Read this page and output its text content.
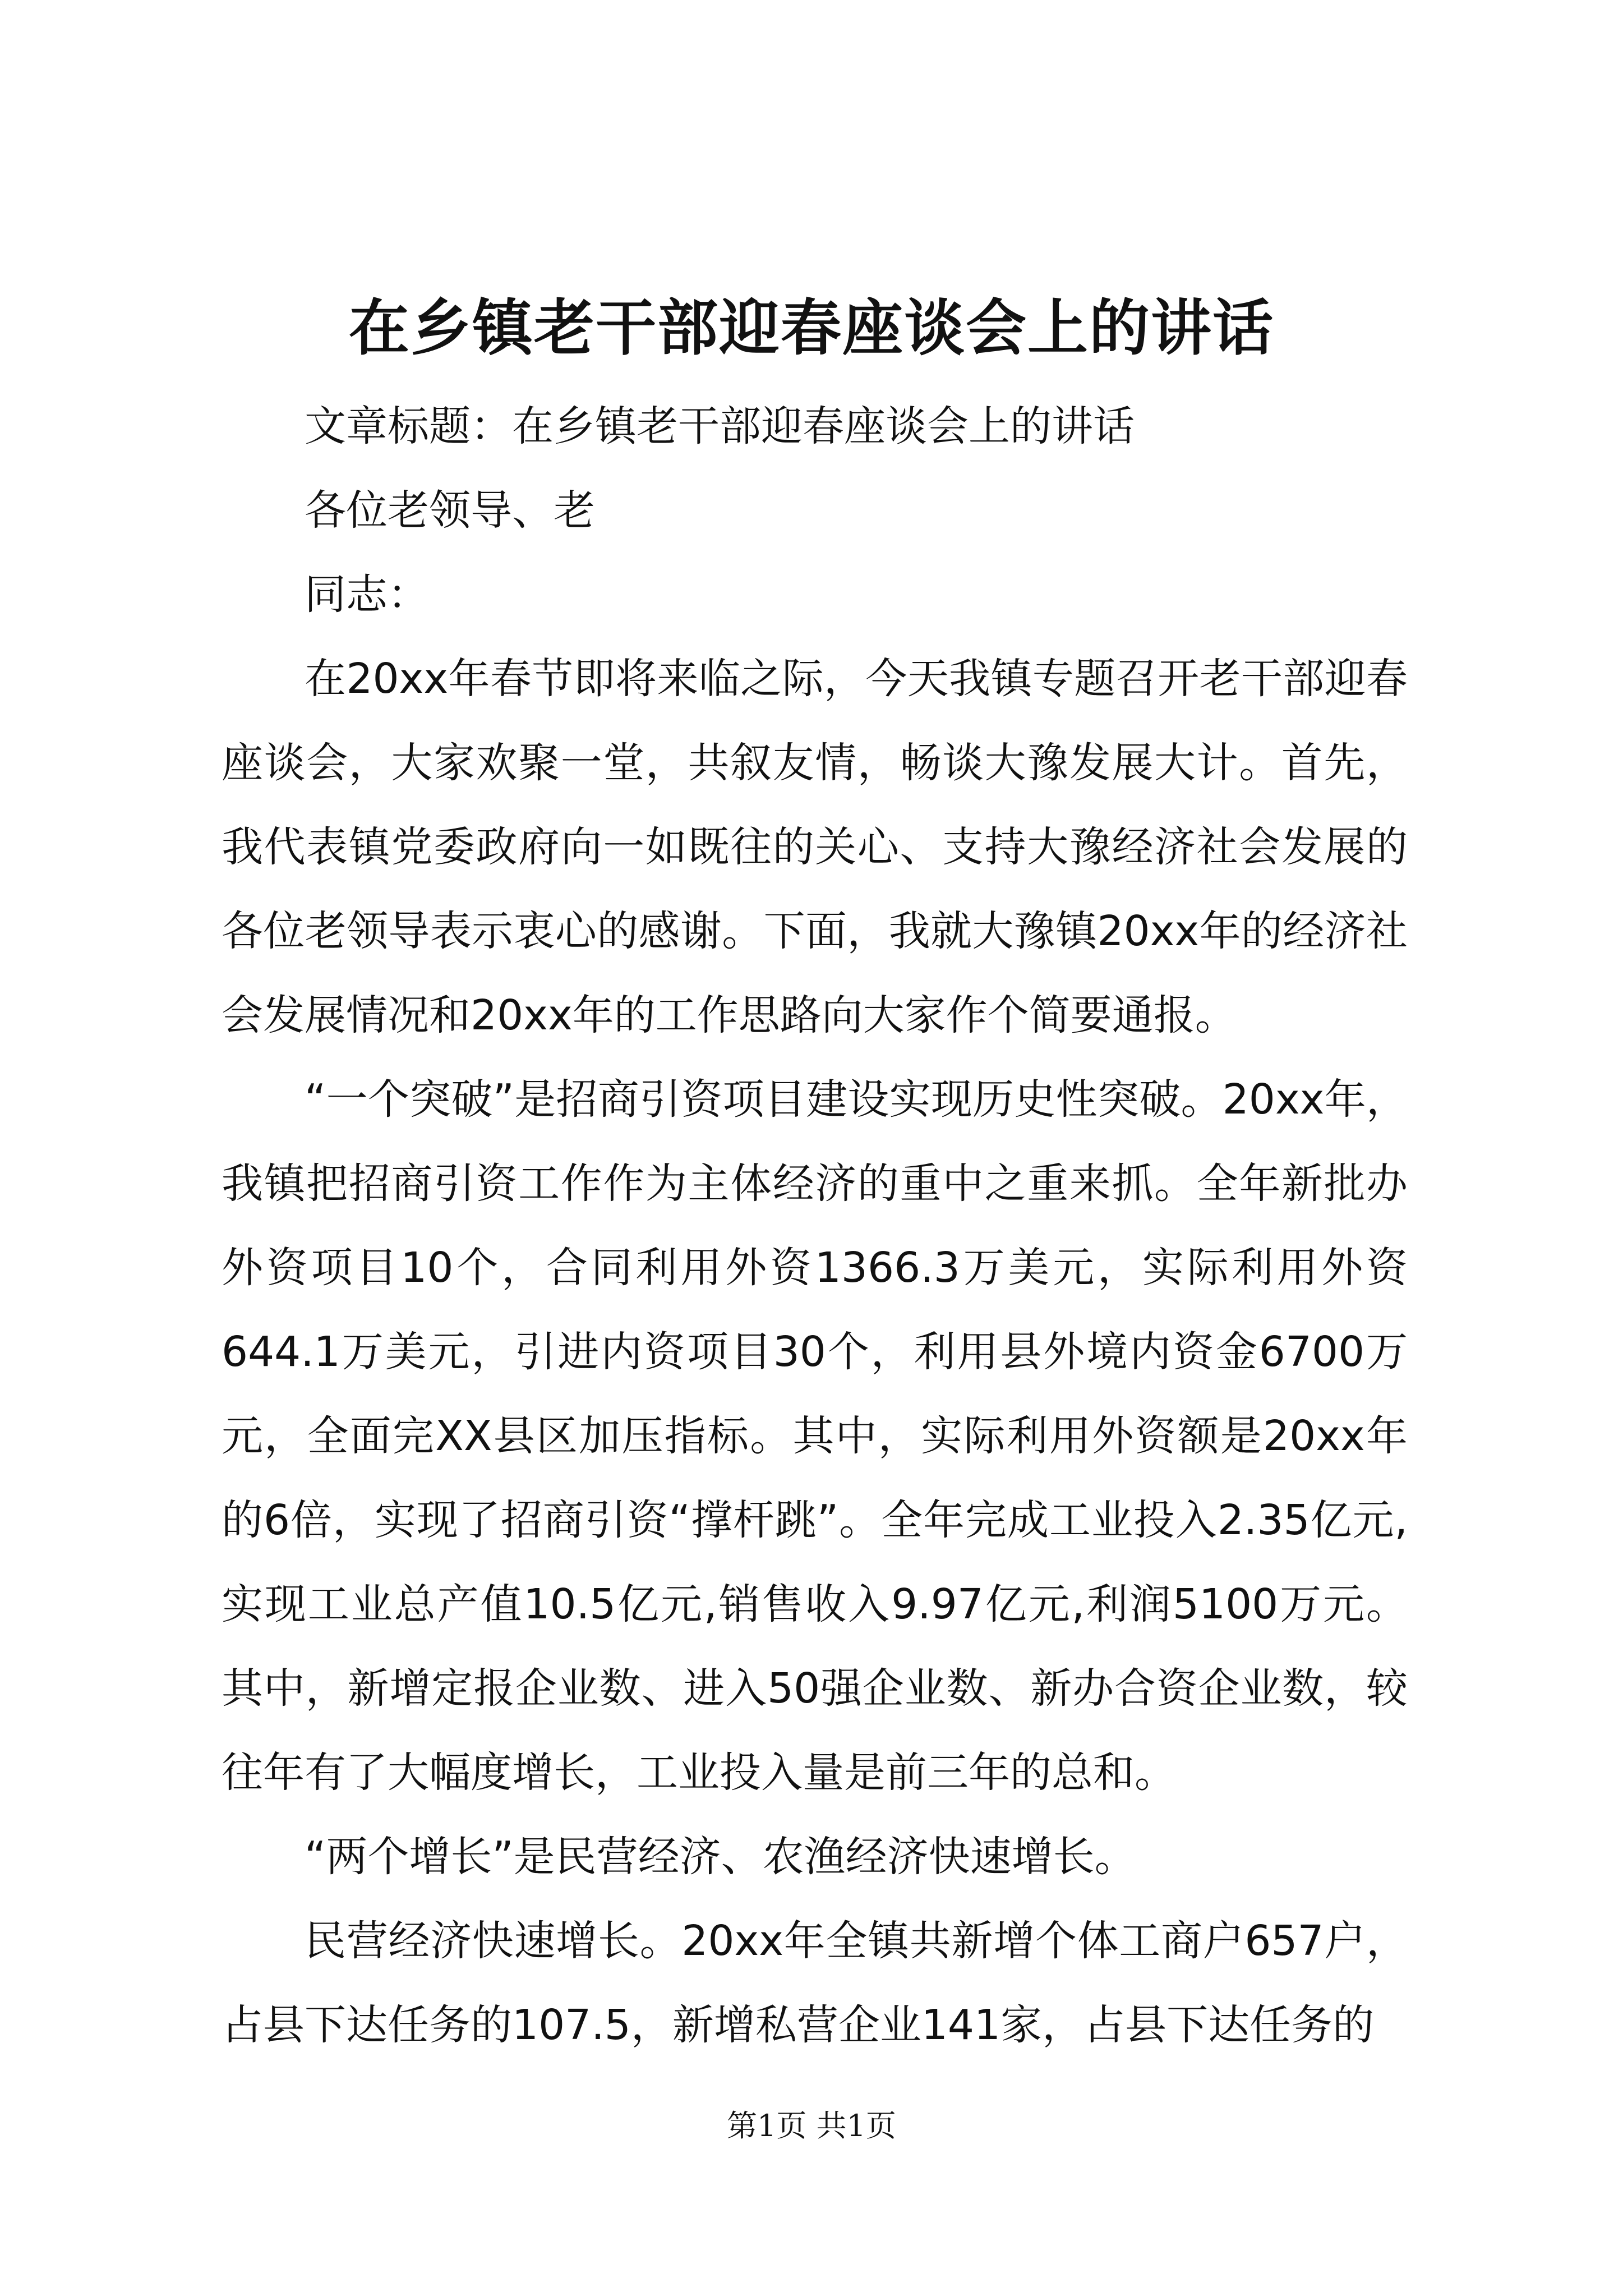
在乡镇老干部迎春座谈会上的讲话

文章标题：在乡镇老干部迎春座谈会上的讲话

各位老领导、老

同志：

在20xx年春节即将来临之际，今天我镇专题召开老干部迎春座谈会，大家欢聚一堂，共叙友情，畅谈大豫发展大计。首先，我代表镇党委政府向一如既往的关心、支持大豫经济社会发展的各位老领导表示衷心的感谢。下面，我就大豫镇20xx年的经济社会发展情况和20xx年的工作思路向大家作个简要通报。

“一个突破”是招商引资项目建设实现历史性突破。20xx年，我镇把招商引资工作作为主体经济的重中之重来抓。全年新批办外资项目10个，合同利用外资1366.3万美元，实际利用外资644.1万美元，引进内资项目30个，利用县外境内资金6700万元，全面完XX县区加压指标。其中，实际利用外资额是20xx年的6倍，实现了招商引资“撑杆跳”。全年完成工业投入2.35亿元,实现工业总产值10.5亿元,销售收入9.97亿元,利润5100万元。其中，新增定报企业数、进入50强企业数、新办合资企业数，较往年有了大幅度增长，工业投入量是前三年的总和。

“两个增长”是民营经济、农渔经济快速增长。

民营经济快速增长。20xx年全镇共新增个体工商户657户，占县下达任务的107.5，新增私营企业141家，占县下达任务的

第1页 共1页
